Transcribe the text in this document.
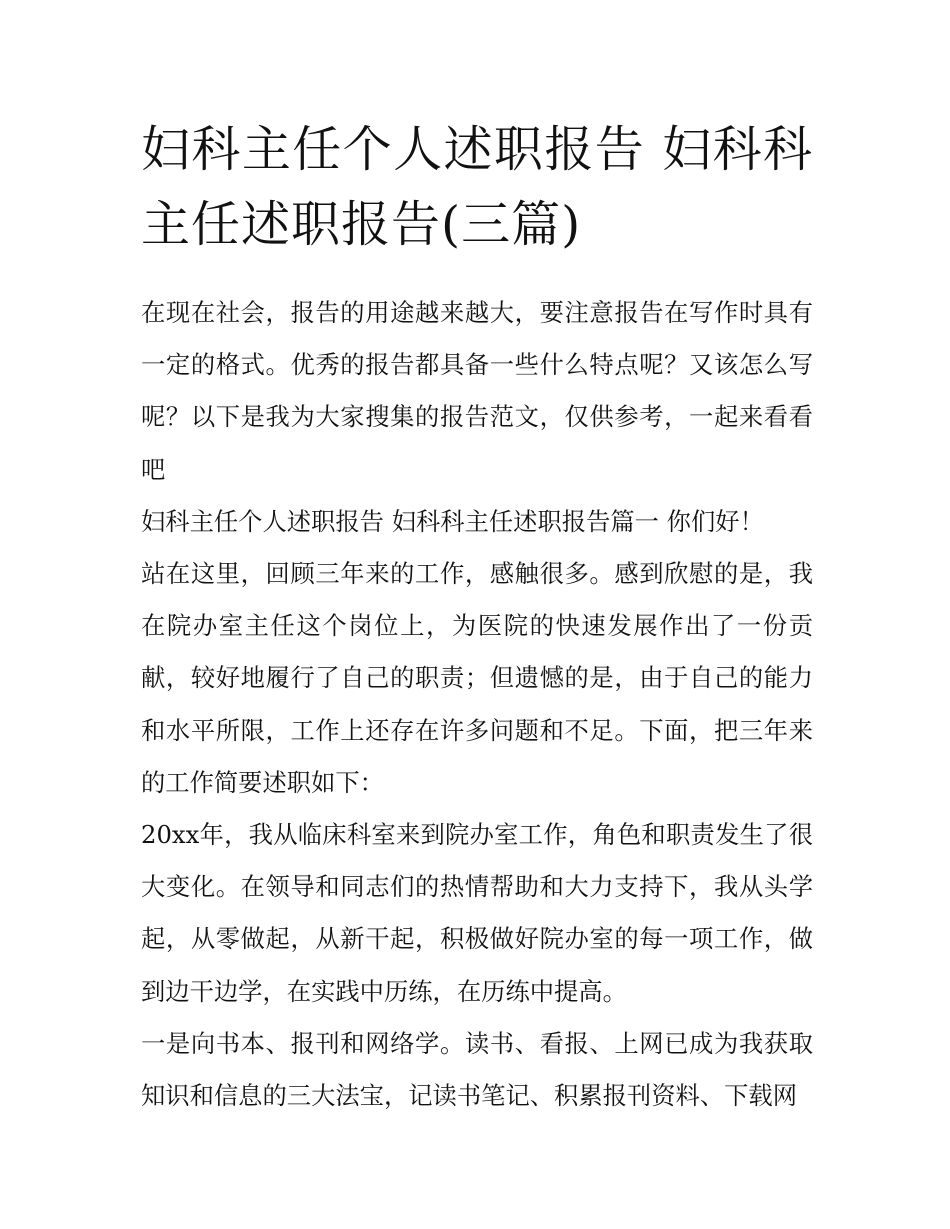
妇科主任个人述职报告 妇科科主任述职报告(三篇)

在现在社会，报告的用途越来越大，要注意报告在写作时具有一定的格式。优秀的报告都具备一些什么特点呢？又该怎么写呢？以下是我为大家搜集的报告范文，仅供参考，一起来看看吧

妇科主任个人述职报告 妇科科主任述职报告篇一 你们好！

站在这里，回顾三年来的工作，感触很多。感到欣慰的是，我在院办室主任这个岗位上，为医院的快速发展作出了一份贡献，较好地履行了自己的职责；但遗憾的是，由于自己的能力和水平所限，工作上还存在许多问题和不足。下面，把三年来的工作简要述职如下：

20xx年，我从临床科室来到院办室工作，角色和职责发生了很大变化。在领导和同志们的热情帮助和大力支持下，我从头学起，从零做起，从新干起，积极做好院办室的每一项工作，做到边干边学，在实践中历练，在历练中提高。

一是向书本、报刊和网络学。读书、看报、上网已成为我获取知识和信息的三大法宝，记读书笔记、积累报刊资料、下载网
